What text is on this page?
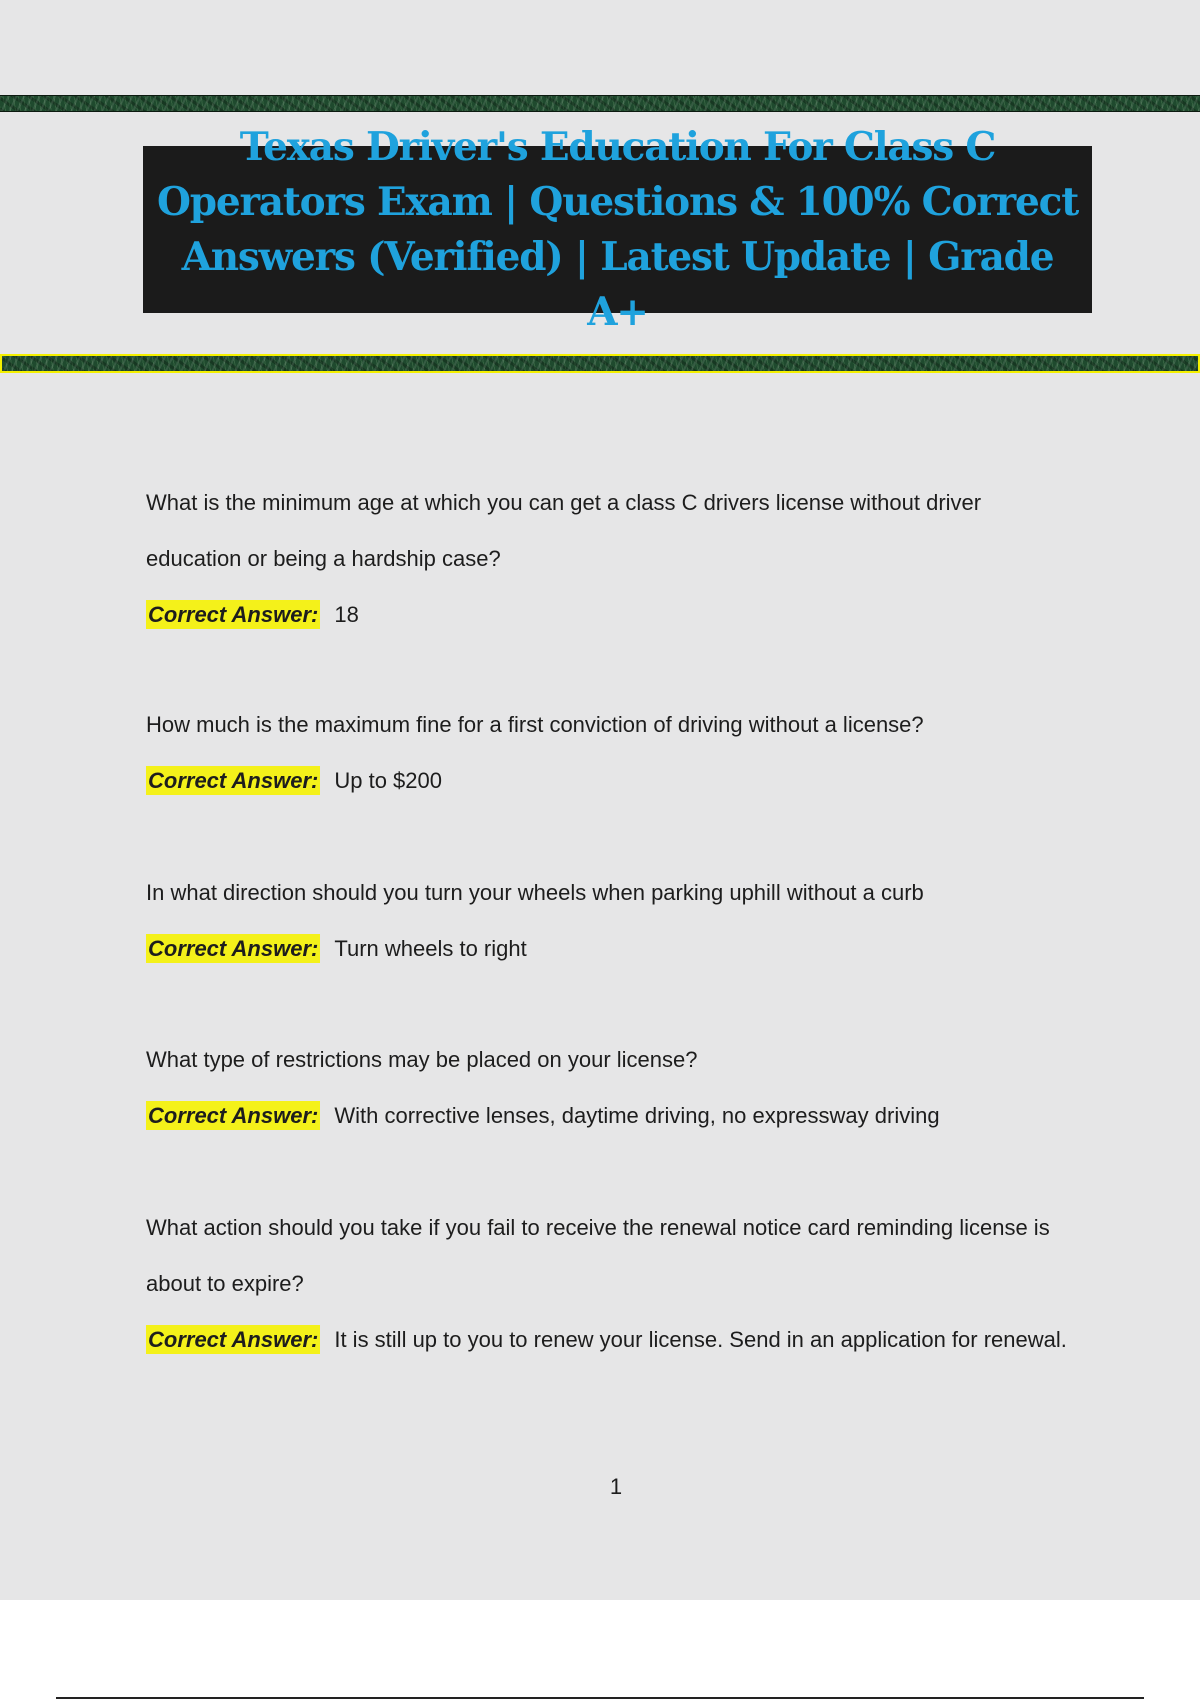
Texas Driver's Education For Class C Operators Exam | Questions & 100% Correct Answers (Verified) | Latest Update | Grade A+

What is the minimum age at which you can get a class C drivers license without driver education or being a hardship case?

Correct Answer: 18

How much is the maximum fine for a first conviction of driving without a license?

Correct Answer: Up to $200

In what direction should you turn your wheels when parking uphill without a curb

Correct Answer: Turn wheels to right

What type of restrictions may be placed on your license?

Correct Answer: With corrective lenses, daytime driving, no expressway driving

What action should you take if you fail to receive the renewal notice card reminding license is about to expire?

Correct Answer: It is still up to you to renew your license. Send in an application for renewal.

1
